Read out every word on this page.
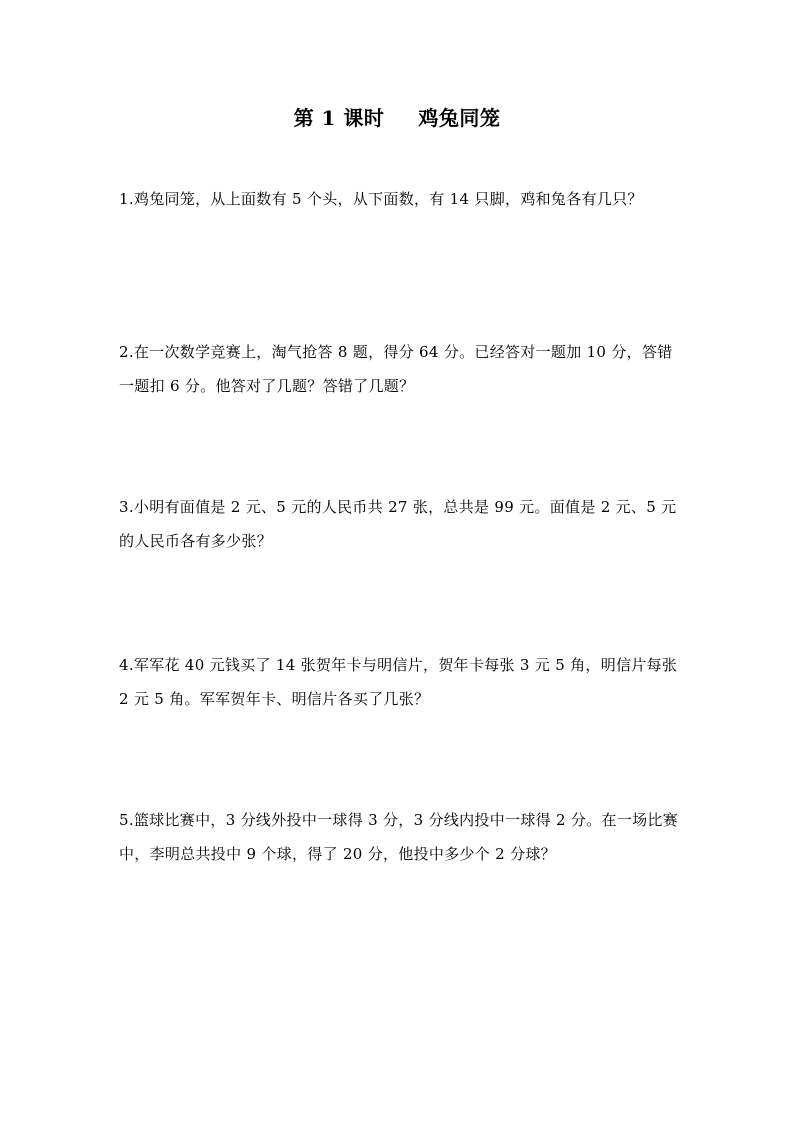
第 1 课时 鸡兔同笼

1.鸡兔同笼，从上面数有 5 个头，从下面数，有 14 只脚，鸡和兔各有几只？

2.在一次数学竞赛上，淘气抢答 8 题，得分 64 分。已经答对一题加 10 分，答错一题扣 6 分。他答对了几题？答错了几题？

3.小明有面值是 2 元、5 元的人民币共 27 张，总共是 99 元。面值是 2 元、5 元的人民币各有多少张？

4.军军花 40 元钱买了 14 张贺年卡与明信片，贺年卡每张 3 元 5 角，明信片每张 2 元 5 角。军军贺年卡、明信片各买了几张？

5.篮球比赛中，3 分线外投中一球得 3 分，3 分线内投中一球得 2 分。在一场比赛中，李明总共投中 9 个球，得了 20 分，他投中多少个 2 分球？
